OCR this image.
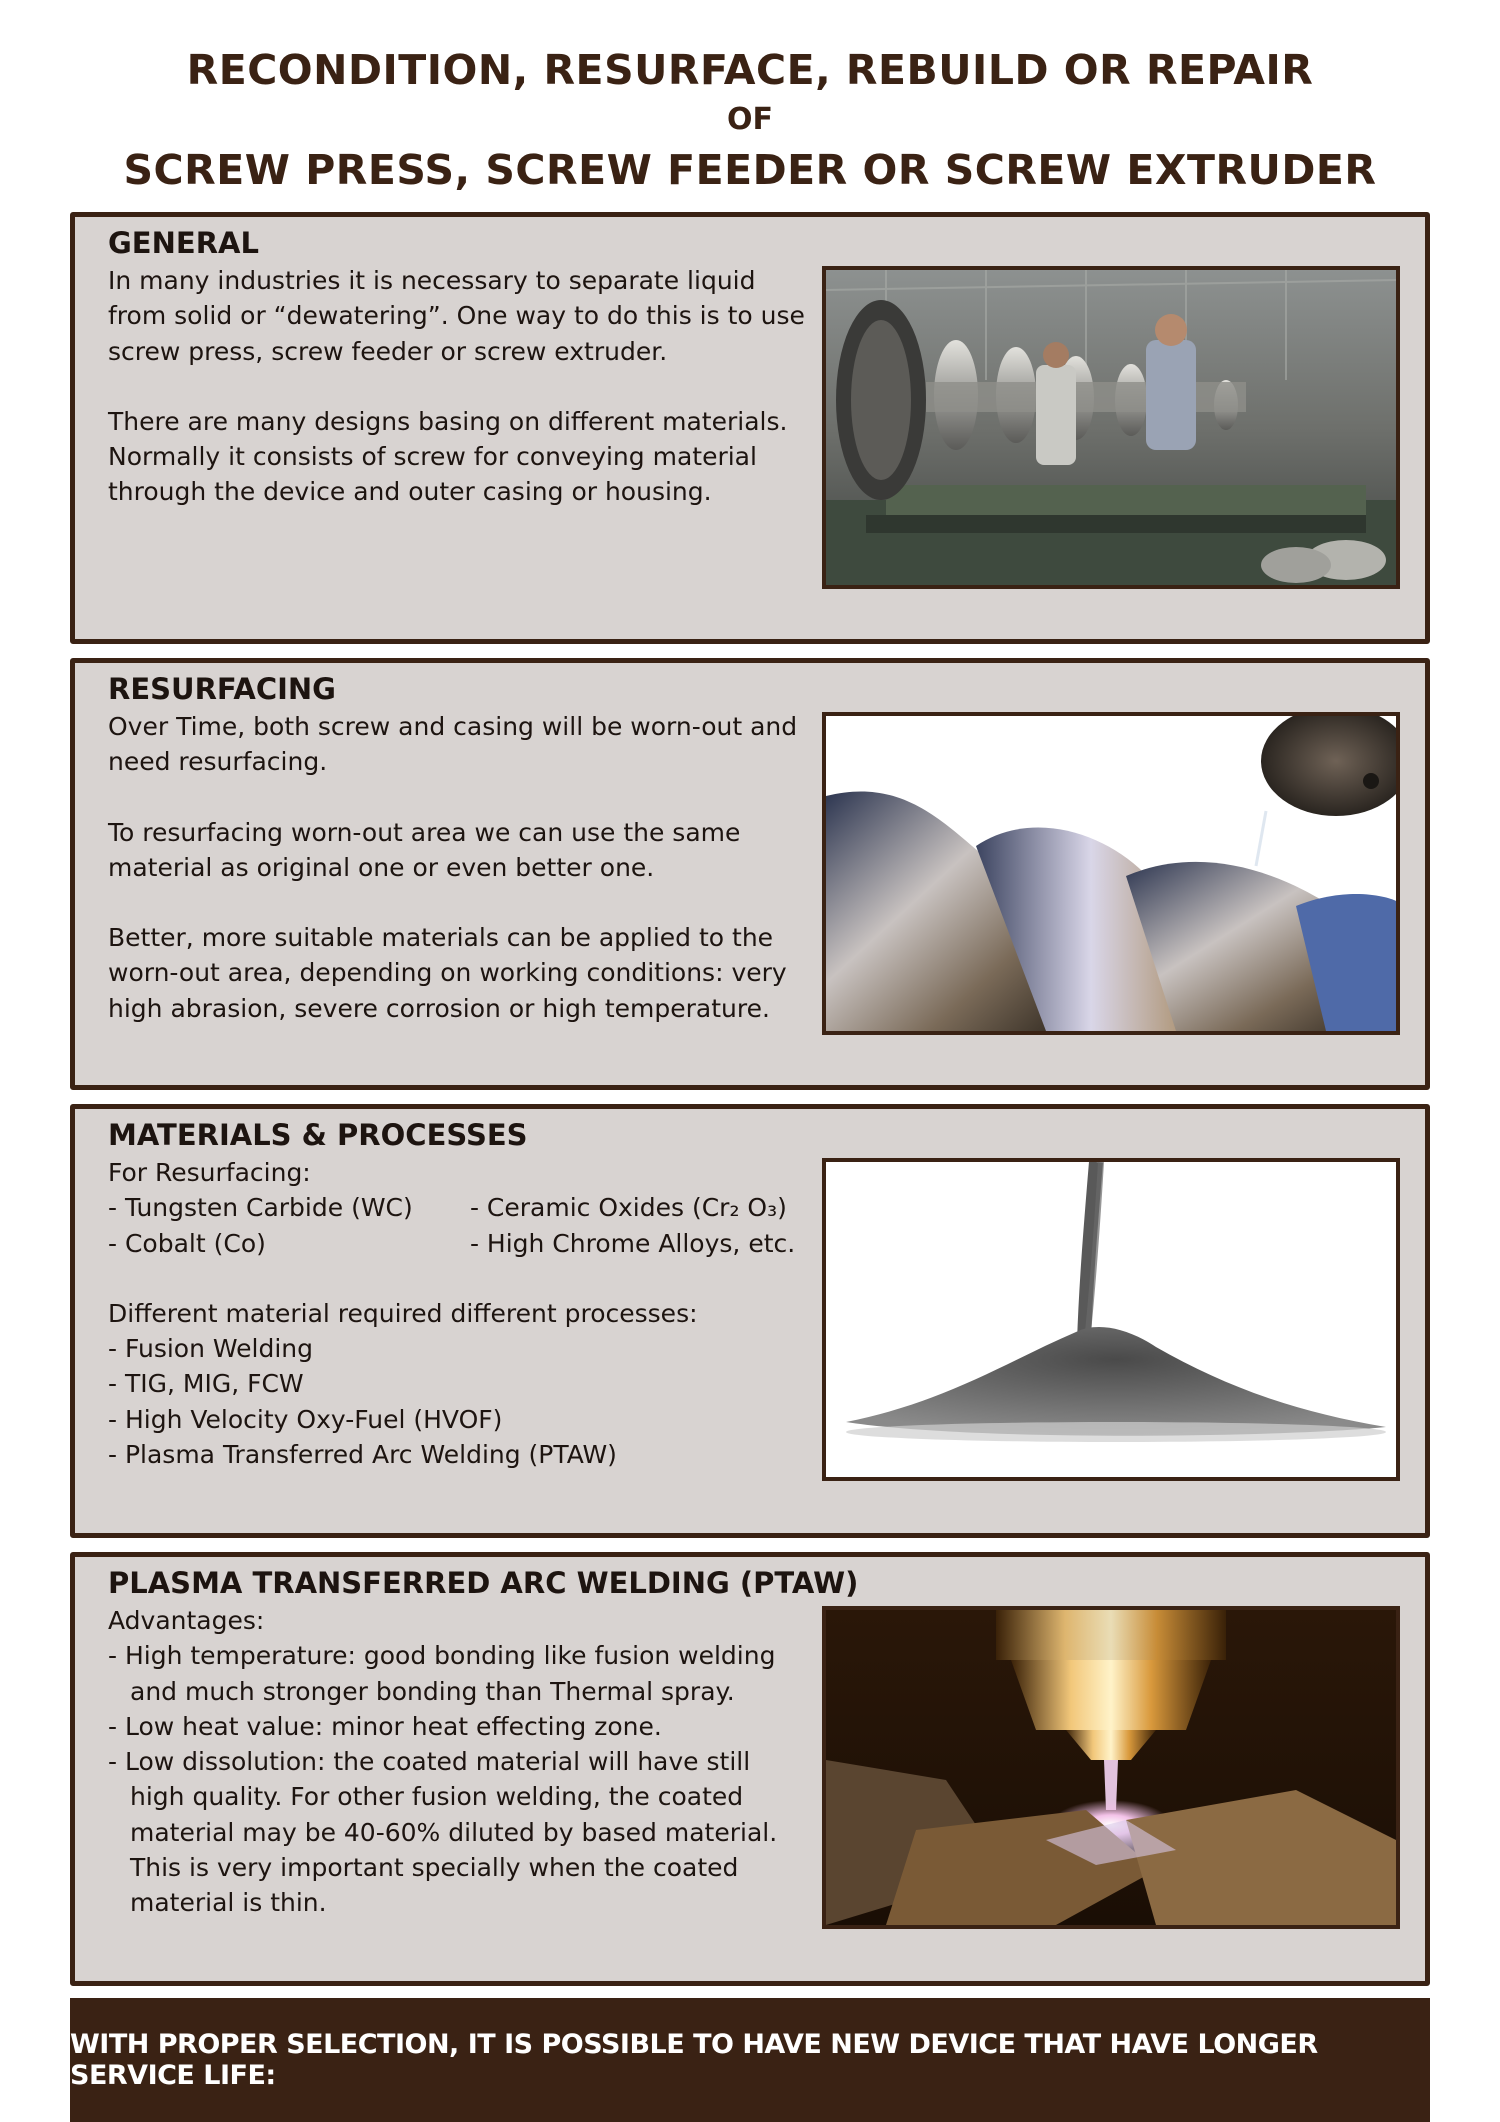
RECONDITION, RESURFACE, REBUILD OR REPAIR
OF
SCREW PRESS, SCREW FEEDER OR SCREW EXTRUDER
GENERAL

In many industries it is necessary to separate liquid from solid or “dewatering”. One way to do this is to use screw press, screw feeder or screw extruder.

There are many designs basing on different materials. Normally it consists of screw for conveying material through the device and outer casing or housing.

RESURFACING

Over Time, both screw and casing will be worn-out and need resurfacing.

To resurfacing worn-out area we can use the same material as original one or even better one.

Better, more suitable materials can be applied to the worn-out area, depending on working conditions: very high abrasion, severe corrosion or high temperature.

MATERIALS & PROCESSES
For Resurfacing:
- Tungsten Carbide (WC)
- Cobalt (Co)
- Ceramic Oxides (Cr₂ O₃)
- High Chrome Alloys, etc.
Different material required different processes:
- Fusion Welding
- TIG, MIG, FCW
- High Velocity Oxy-Fuel (HVOF)
- Plasma Transferred Arc Welding (PTAW)
PLASMA TRANSFERRED ARC WELDING (PTAW)
Advantages:
- High temperature: good bonding like fusion welding and much stronger bonding than Thermal spray.
- Low heat value: minor heat effecting zone.
- Low dissolution: the coated material will have still high quality. For other fusion welding, the coated material may be 40-60% diluted by based material. This is very important specially when the coated material is thin.
WITH PROPER SELECTION, IT IS POSSIBLE TO HAVE NEW DEVICE THAT HAVE LONGER SERVICE LIFE:
